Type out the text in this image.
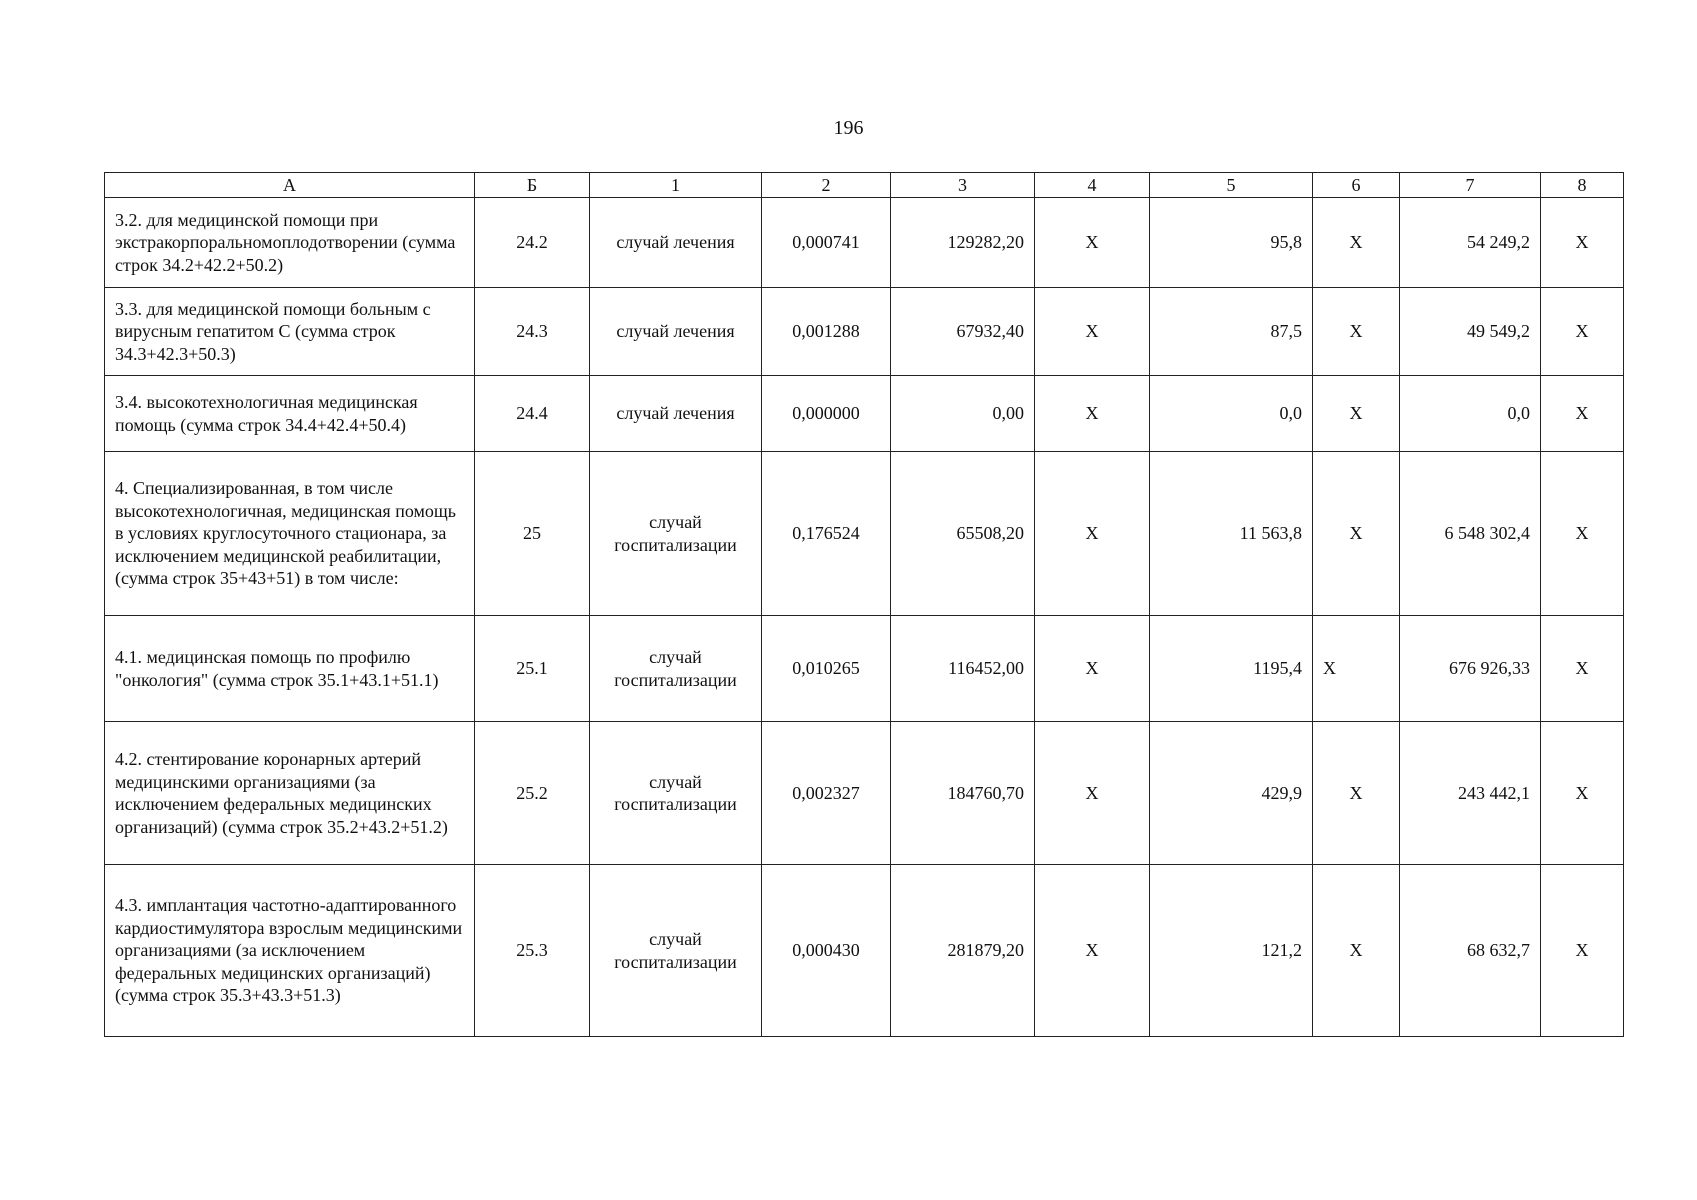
196
А	Б	1	2	3	4	5	6	7	8
3.2. для медицинской помощи при экстракорпоральномоплодотворении (сумма строк 34.2+42.2+50.2)	24.2	случай лечения	0,000741	129282,20	X	95,8	X	54 249,2	X
3.3. для медицинской помощи больным с вирусным гепатитом С (сумма строк 34.3+42.3+50.3)	24.3	случай лечения	0,001288	67932,40	X	87,5	X	49 549,2	X
3.4. высокотехнологичная медицинская помощь (сумма строк 34.4+42.4+50.4)	24.4	случай лечения	0,000000	0,00	X	0,0	X	0,0	X
4. Специализированная, в том числе высокотехнологичная, медицинская помощь в условиях круглосуточного стационара, за исключением медицинской реабилитации, (сумма строк 35+43+51) в том числе:	25	случай госпитализации	0,176524	65508,20	X	11 563,8	X	6 548 302,4	X
4.1. медицинская помощь по профилю "онкология" (сумма строк 35.1+43.1+51.1)	25.1	случай госпитализации	0,010265	116452,00	X	1195,4	X	676 926,33	X
4.2. стентирование коронарных артерий медицинскими организациями (за исключением федеральных медицинских организаций) (сумма строк 35.2+43.2+51.2)	25.2	случай госпитализации	0,002327	184760,70	X	429,9	X	243 442,1	X
4.3. имплантация частотно-адаптированного кардиостимулятора взрослым медицинскими организациями (за исключением федеральных медицинских организаций) (сумма строк 35.3+43.3+51.3)	25.3	случай госпитализации	0,000430	281879,20	X	121,2	X	68 632,7	X
